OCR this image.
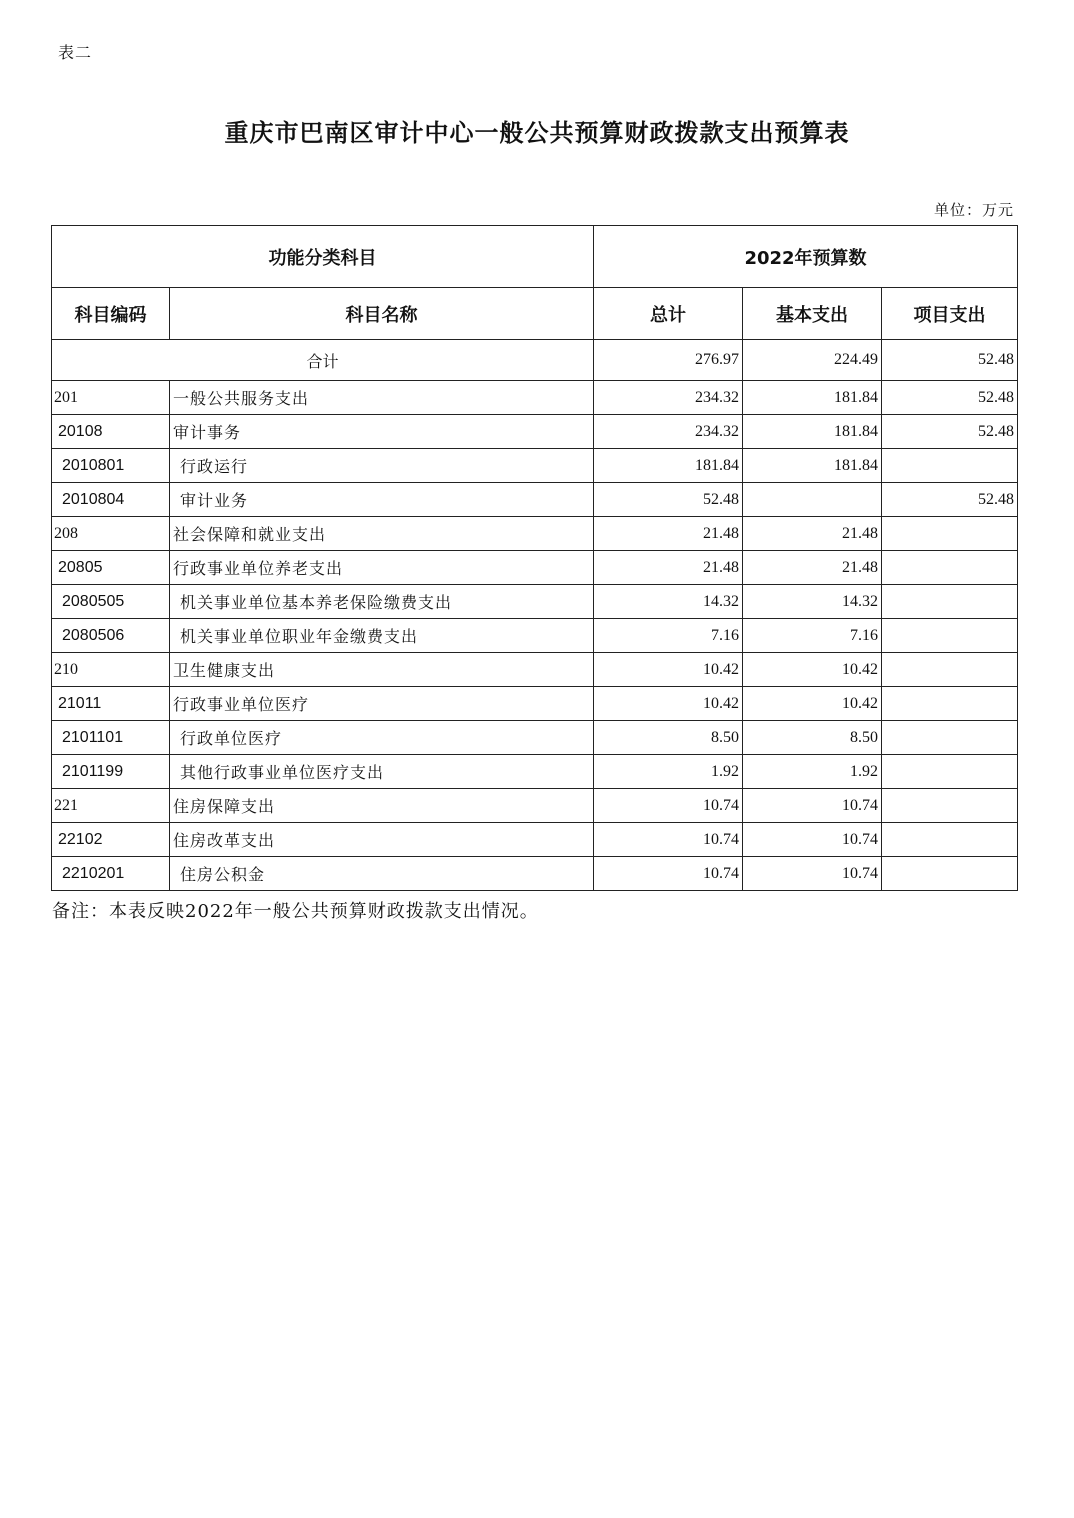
表二
重庆市巴南区审计中心一般公共预算财政拨款支出预算表
单位：万元
功能分类科目		2022年预算数		
科目编码	科目名称	总计	基本支出	项目支出
合计		276.97	224.49	52.48
201	一般公共服务支出	234.32	181.84	52.48
20108	审计事务	234.32	181.84	52.48
2010801	行政运行	181.84	181.84	
2010804	审计业务	52.48		52.48
208	社会保障和就业支出	21.48	21.48	
20805	行政事业单位养老支出	21.48	21.48	
2080505	机关事业单位基本养老保险缴费支出	14.32	14.32	
2080506	机关事业单位职业年金缴费支出	7.16	7.16	
210	卫生健康支出	10.42	10.42	
21011	行政事业单位医疗	10.42	10.42	
2101101	行政单位医疗	8.50	8.50	
2101199	其他行政事业单位医疗支出	1.92	1.92	
221	住房保障支出	10.74	10.74	
22102	住房改革支出	10.74	10.74	
2210201	住房公积金	10.74	10.74	
备注：本表反映2022年一般公共预算财政拨款支出情况。
